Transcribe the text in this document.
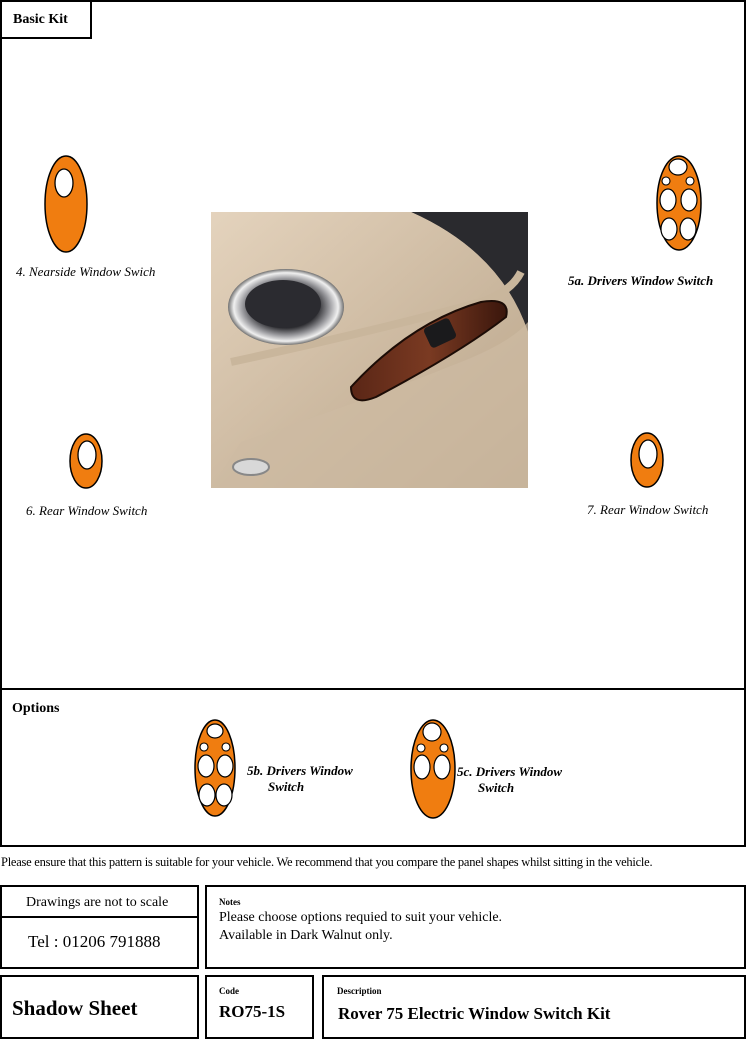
Basic Kit
4. Nearside Window Swich
5a. Drivers Window Switch
6. Rear Window Switch	7. Rear Window Switch
Options
5b. Drivers Window
Switch
5c. Drivers Window
Switch
Please ensure that this pattern is suitable for your vehicle. We recommend that you compare the panel shapes whilst sitting in the vehicle.
Drawings are not to scale
Tel : 01206 791888
Notes
Please choose options requied to suit your vehicle.
Available in Dark Walnut only.
Shadow Sheet
Code
RO75-1S
Description
Rover 75 Electric Window Switch Kit
